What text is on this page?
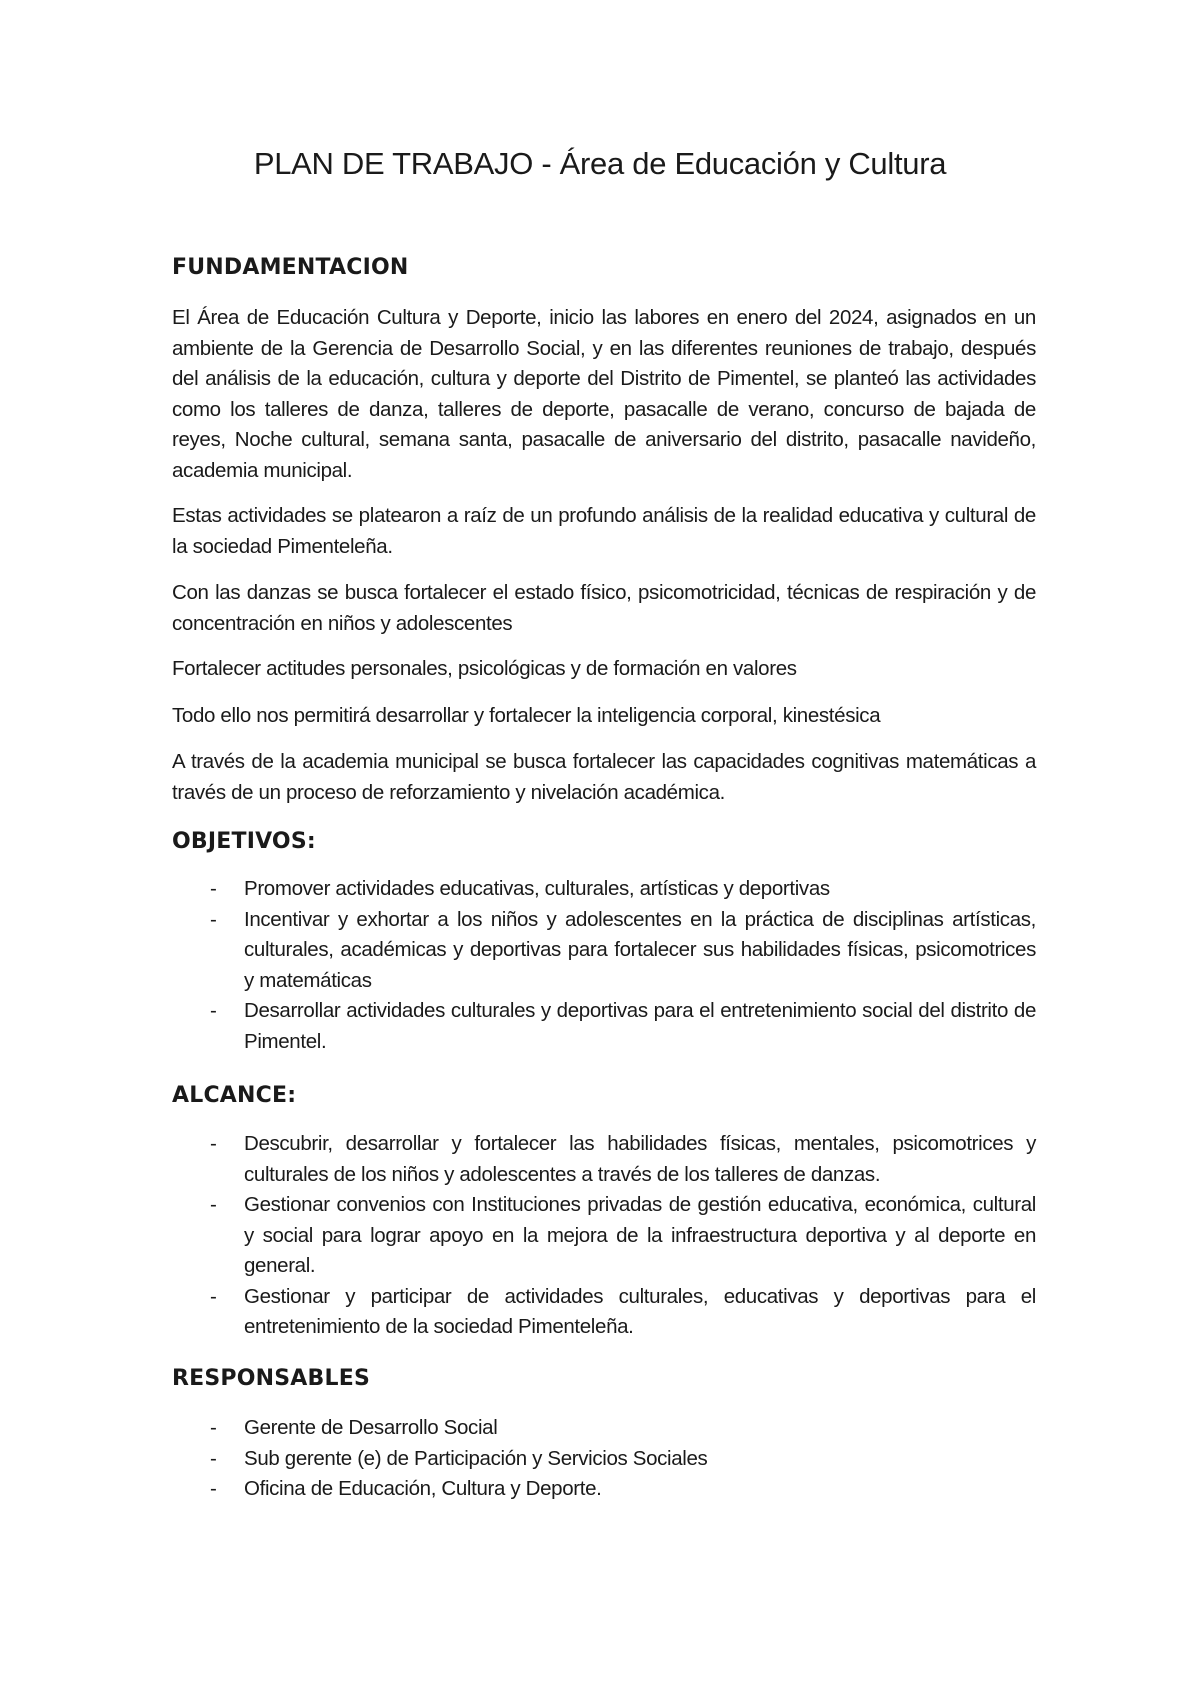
PLAN DE TRABAJO - Área de Educación y Cultura
FUNDAMENTACION

El Área de Educación Cultura y Deporte, inicio las labores en enero del 2024, asignados en un ambiente de la Gerencia de Desarrollo Social, y en las diferentes reuniones de trabajo, después del análisis de la educación, cultura y deporte del Distrito de Pimentel, se planteó las actividades como los talleres de danza, talleres de deporte, pasacalle de verano, concurso de bajada de reyes, Noche cultural, semana santa, pasacalle de aniversario del distrito, pasacalle navideño, academia municipal.

Estas actividades se platearon a raíz de un profundo análisis de la realidad educativa y cultural de la sociedad Pimenteleña.

Con las danzas se busca fortalecer el estado físico, psicomotricidad, técnicas de respiración y de concentración en niños y adolescentes

Fortalecer actitudes personales, psicológicas y de formación en valores

Todo ello nos permitirá desarrollar y fortalecer la inteligencia corporal, kinestésica

A través de la academia municipal se busca fortalecer las capacidades cognitivas matemáticas a través de un proceso de reforzamiento y nivelación académica.

OBJETIVOS:
- Promover actividades educativas, culturales, artísticas y deportivas
- Incentivar y exhortar a los niños y adolescentes en la práctica de disciplinas artísticas, culturales, académicas y deportivas para fortalecer sus habilidades físicas, psicomotrices y matemáticas
- Desarrollar actividades culturales y deportivas para el entretenimiento social del distrito de Pimentel.
ALCANCE:
- Descubrir, desarrollar y fortalecer las habilidades físicas, mentales, psicomotrices y culturales de los niños y adolescentes a través de los talleres de danzas.
- Gestionar convenios con Instituciones privadas de gestión educativa, económica, cultural y social para lograr apoyo en la mejora de la infraestructura deportiva y al deporte en general.
- Gestionar y participar de actividades culturales, educativas y deportivas para el entretenimiento de la sociedad Pimenteleña.
RESPONSABLES
- Gerente de Desarrollo Social
- Sub gerente (e) de Participación y Servicios Sociales
- Oficina de Educación, Cultura y Deporte.
